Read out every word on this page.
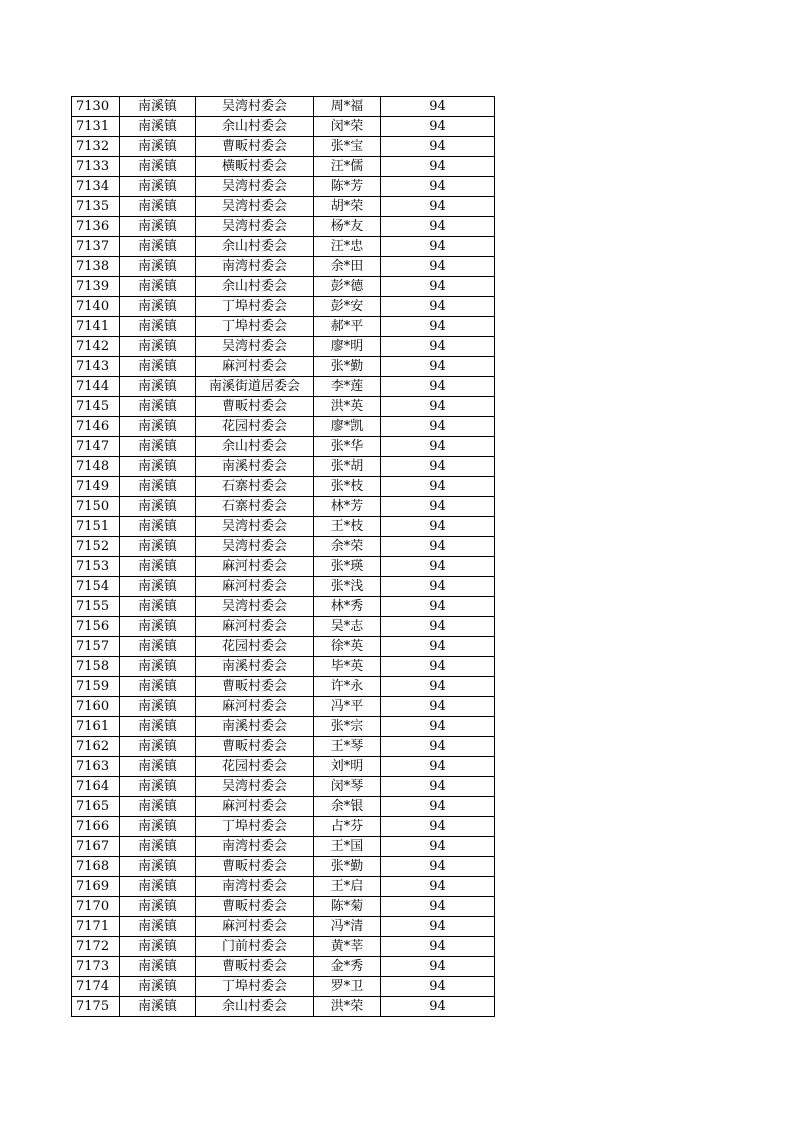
7130	南溪镇	吴湾村委会	周*福	94
7131	南溪镇	余山村委会	闵*荣	94
7132	南溪镇	曹畈村委会	张*宝	94
7133	南溪镇	横畈村委会	汪*儒	94
7134	南溪镇	吴湾村委会	陈*芳	94
7135	南溪镇	吴湾村委会	胡*荣	94
7136	南溪镇	吴湾村委会	杨*友	94
7137	南溪镇	余山村委会	汪*忠	94
7138	南溪镇	南湾村委会	余*田	94
7139	南溪镇	余山村委会	彭*德	94
7140	南溪镇	丁埠村委会	彭*安	94
7141	南溪镇	丁埠村委会	郝*平	94
7142	南溪镇	吴湾村委会	廖*明	94
7143	南溪镇	麻河村委会	张*勤	94
7144	南溪镇	南溪街道居委会	李*莲	94
7145	南溪镇	曹畈村委会	洪*英	94
7146	南溪镇	花园村委会	廖*凯	94
7147	南溪镇	余山村委会	张*华	94
7148	南溪镇	南溪村委会	张*胡	94
7149	南溪镇	石寨村委会	张*枝	94
7150	南溪镇	石寨村委会	林*芳	94
7151	南溪镇	吴湾村委会	王*枝	94
7152	南溪镇	吴湾村委会	余*荣	94
7153	南溪镇	麻河村委会	张*瑛	94
7154	南溪镇	麻河村委会	张*浅	94
7155	南溪镇	吴湾村委会	林*秀	94
7156	南溪镇	麻河村委会	吴*志	94
7157	南溪镇	花园村委会	徐*英	94
7158	南溪镇	南溪村委会	毕*英	94
7159	南溪镇	曹畈村委会	许*永	94
7160	南溪镇	麻河村委会	冯*平	94
7161	南溪镇	南溪村委会	张*宗	94
7162	南溪镇	曹畈村委会	王*琴	94
7163	南溪镇	花园村委会	刘*明	94
7164	南溪镇	吴湾村委会	闵*琴	94
7165	南溪镇	麻河村委会	余*银	94
7166	南溪镇	丁埠村委会	占*芬	94
7167	南溪镇	南湾村委会	王*国	94
7168	南溪镇	曹畈村委会	张*勤	94
7169	南溪镇	南湾村委会	王*启	94
7170	南溪镇	曹畈村委会	陈*菊	94
7171	南溪镇	麻河村委会	冯*清	94
7172	南溪镇	门前村委会	黄*莘	94
7173	南溪镇	曹畈村委会	金*秀	94
7174	南溪镇	丁埠村委会	罗*卫	94
7175	南溪镇	余山村委会	洪*荣	94
